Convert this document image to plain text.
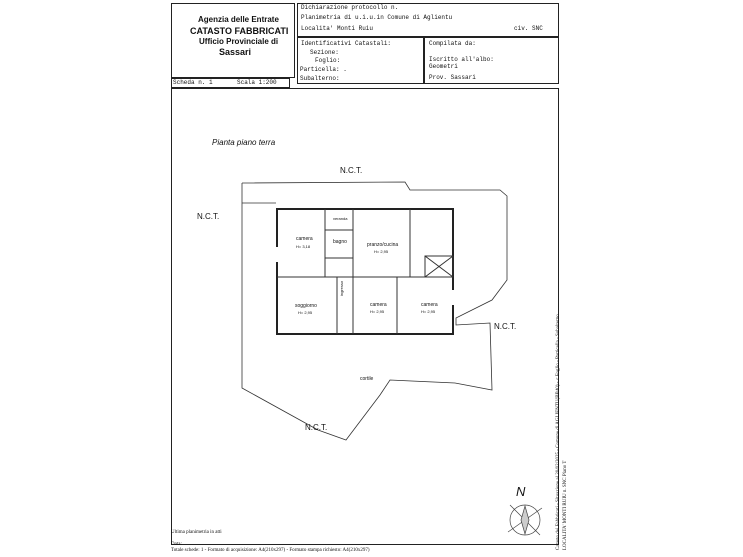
Agenzia delle Entrate
CATASTO FABBRICATI
Ufficio Provinciale di
Sassari
Dichiarazione protocollo n.
Planimetria di u.i.u.in Comune di Aglientu
Localita' Monti Ruiu	civ. SNC
Identificativi Catastali:
Sezione:
Foglio:
Particella: .
Subalterno:
Compilata da:
Iscritto all'albo:
Geometri
Prov. Sassari
Scheda n. 1	Scala 1:200
Pianta piano terra
N.C.T.
N.C.T.
N.C.T.
N.C.T.
cortile
camera
H= 3,18
veranda
bagno	pranzo/cucina
H= 2,95
ingresso
soggiorno
H= 2,95
camera
H= 2,95
camera
H= 2,95
N	Catasto dei Fabbricati - Situazione al 20/02/2025 - Comune di AGLIENTU(BB40) - < Foglio - Particella - Subalterno LOCALITA' MONTI RUIU n. SNC Piano T
Ultima planimetria in atti
Data:
Totale schede: 1 - Formato di acquisizione: A4(210x297) - Formato stampa richiesto: A4(210x297)
